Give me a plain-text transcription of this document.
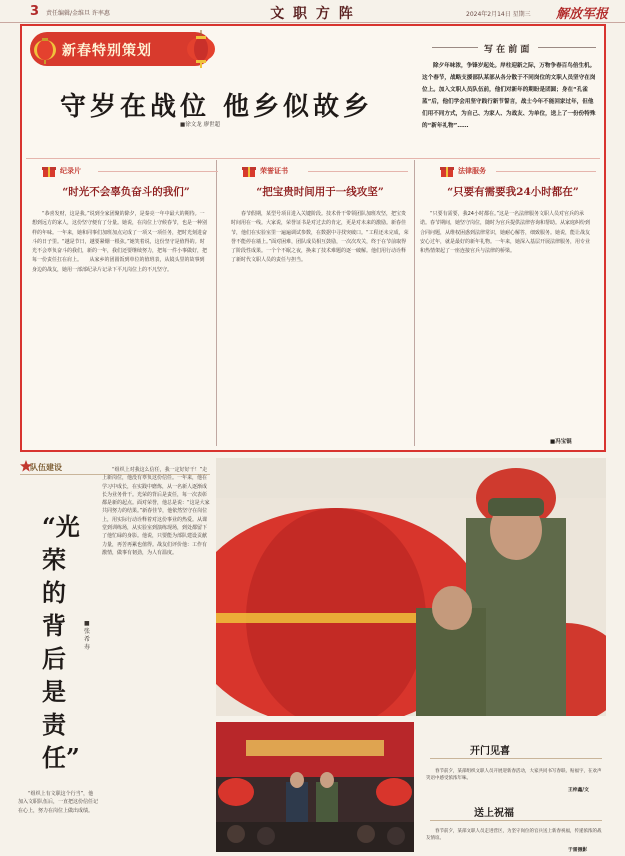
3 责任编辑/金维旦 许率惠	文 职 方 阵	2024年2月14日 星期三 解放军报
新春特别策划
守岁在战位 他乡似故乡
■徐文龙 廖世超
写 在 前 面
除夕年味浓，争锋岁起处。岸柱迎新之际，万物争春百鸟倍生机。　这个春节，战略支援部队某部从各分散于不同岗位的文职人员坚守在岗位上。加入文职人员队伍前，他们对新年的期盼是团圆；身在“孔雀蓝”后，他们学会用坚守践行新节誓言，战士今年不能回家过年，但他们用不同方式，为自己、为家人、为战友、为单位，送上了一份份特殊的“新年礼物”……
纪录片
“时光不会辜负奋斗的我们”
“恭喜发财，这是我。”说到全家团聚的除夕，是秦亮一年中最大的期待。一想到远方的家人，这份坚守便有了分量。她说，在岗位上守候春节，也是一种别样的年味。一年来，她和同事们加班加点完成了一项又一项任务，把时光刻进奋斗的日子里。“越是节日，越要紧绷一根弦。”她笑着说，这份坚守是值得的。时光不会辜负奋斗的我们，新的一年，我们还要继续努力，把每一件小事做好，把每一份责任扛在肩上。　　从家乡的团圆饭到单位的值班表，从镜头里的故事到身边的战友，她用一部部纪录片记录下平凡岗位上的不凡坚守。
荣誉证书
“把宝贵时间用于一线攻坚”
春节假期，某型号项目进入关键阶段。技术骨干带领团队加班攻坚，把宝贵时间用在一线。大家说，荣誉证书是对过去的肯定，更是对未来的激励。新春佳节，他们在实验室里一遍遍调试参数，在数据中寻找突破口。“工程还未完成，荣誉不能停在墙上。”面对困难，团队成员相互鼓励，一次次攻关，终于在节前取得了阶段性成果。一个个不眠之夜，换来了技术难题的逐一破解。他们用行动诠释了新时代文职人员的责任与担当。
法律服务
“只要有需要我24小时都在”
“只要有需要，我24小时都在。”这是一名法律服务文职人员对官兵的承诺。春节期间，她坚守岗位，随时为官兵提供法律咨询和帮助。从家庭纠纷到合同问题，从维权困惑到法律常识，她耐心解答，细致服务。她说，能让战友安心过年，就是最好的新年礼物。一年来，她深入基层开展法律服务，用专业和热情架起了一座连接官兵与法律的桥梁。
■冯宝锟
队伍建设
“光荣的背后是责任”
■张希寿
“组织上对我这么信任，我一定好好干！”走上新岗位，他没有辜负这份信任。一年来，他在学习中成长，在实践中磨炼，从一名新人逐渐成长为业务骨干。光荣的背后是责任，每一次表彰都是新的起点。面对荣誉，他总是说：“这是大家共同努力的结果。”新春佳节，他依然坚守在岗位上，用实际行动诠释着对这份事业的热爱。从课堂到训练场，从实验室到演练现场，到处都留下了他忙碌的身影。他说，只要能为部队建设贡献力量，再苦再累也值得。战友们评价他：工作有激情，做事有韧劲，为人有温度。
“组织上有文职这个行当”，他加入文职队伍后，一直把这份信任记在心上，努力在岗位上做出成绩。
开门见喜
春节前夕，某部组织文职人员开展迎新春活动，大家共同书写春联、贴福字，在欢声笑语中感受浓浓年味。
王梓鑫/文
送上祝福
春节前夕，某部文职人员走进营区，为坚守岗位的官兵送上新春祝福，传递浓浓的战友情谊。
于雷摄影
